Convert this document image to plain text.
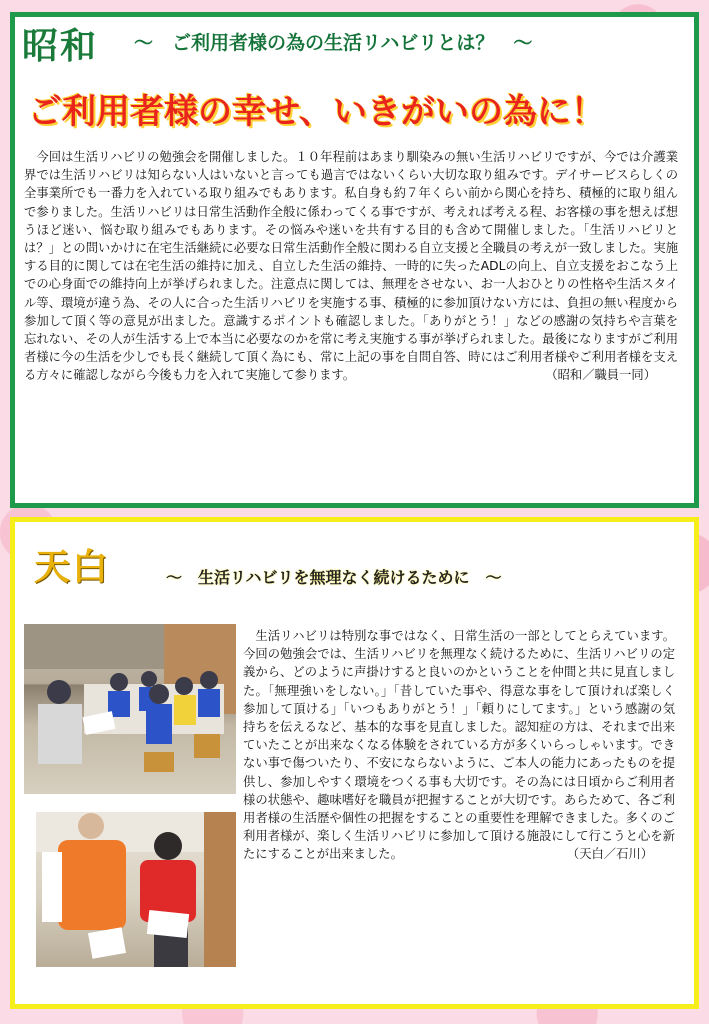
昭和 ～　ご利用者様の為の生活リハビリとは？　～
ご利用者様の幸せ、いきがいの為に！
　今回は生活リハビリの勉強会を開催しました。１０年程前はあまり馴染みの無い生活リハビリですが、今では介護業界では生活リハビリは知らない人はいないと言っても過言ではないくらい大切な取り組みです。デイサービスらしくの全事業所でも一番力を入れている取り組みでもあります。私自身も約７年くらい前から関心を持ち、積極的に取り組んで参りました。生活リハビリは日常生活動作全般に係わってくる事ですが、考えれば考える程、お客様の事を想えば想うほど迷い、悩む取り組みでもあります。その悩みや迷いを共有する目的も含めて開催しました。「生活リハビリとは？」との問いかけに在宅生活継続に必要な日常生活動作全般に関わる自立支援と全職員の考えが一致しました。実施する目的に関しては在宅生活の維持に加え、自立した生活の維持、一時的に失ったADLの向上、自立支援をおこなう上での心身面での維持向上が挙げられました。注意点に関しては、無理をさせない、お一人おひとりの性格や生活スタイル等、環境が違う為、その人に合った生活リハビリを実施する事、積極的に参加頂けない方には、負担の無い程度から参加して頂く等の意見が出ました。意識するポイントも確認しました。「ありがとう！」などの感謝の気持ちや言葉を忘れない、その人が生活する上で本当に必要なのかを常に考え実施する事が挙げられました。最後になりますがご利用者様に今の生活を少しでも長く継続して頂く為にも、常に上記の事を自問自答、時にはご利用者様やご利用者様を支える方々に確認しながら今後も力を入れて実施して参ります。	（昭和／職員一同）
天白	～　生活リハビリを無理なく続けるために　～
　生活リハビリは特別な事ではなく、日常生活の一部としてとらえています。今回の勉強会では、生活リハビリを無理なく続けるために、生活リハビリの定義から、どのように声掛けすると良いのかということを仲間と共に見直しました。「無理強いをしない。」「昔していた事や、得意な事をして頂ければ楽しく参加して頂ける」「いつもありがとう！」「頼りにしてます。」という感謝の気持ちを伝えるなど、基本的な事を見直しました。認知症の方は、それまで出来ていたことが出来なくなる体験をされている方が多くいらっしゃいます。できない事で傷ついたり、不安にならないように、ご本人の能力にあったものを提供し、参加しやすく環境をつくる事も大切です。その為には日頃からご利用者様の状態や、趣味嗜好を職員が把握することが大切です。あらためて、各ご利用者様の生活歴や個性の把握をすることの重要性を理解できました。多くのご利用者様が、楽しく生活リハビリに参加して頂ける施設にして行こうと心を新たにすることが出来ました。	（天白／石川）
